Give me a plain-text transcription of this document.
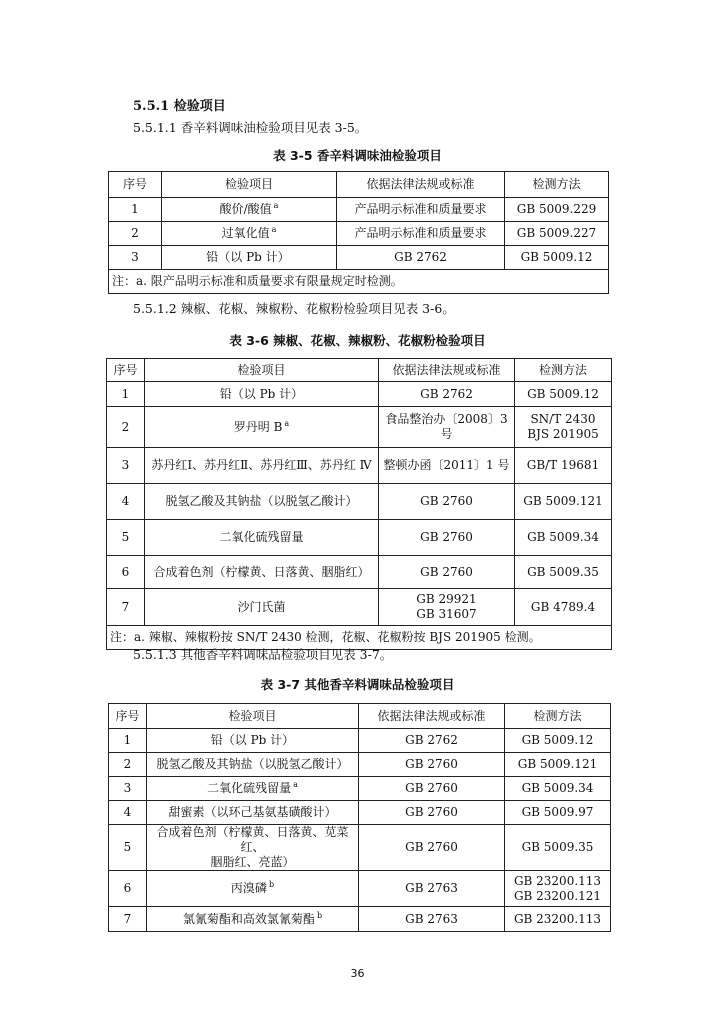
5.5.1 检验项目
5.5.1.1 香辛料调味油检验项目见表 3-5。
表 3-5 香辛料调味油检验项目
序号	检验项目	依据法律法规或标准	检测方法
1	酸价/酸值 $^a$	产品明示标准和质量要求	GB 5009.229
2	过氧化值 $^a$	产品明示标准和质量要求	GB 5009.227
3	铅（以 Pb 计）	GB 2762	GB 5009.12
注：a. 限产品明示标准和质量要求有限量规定时检测。			
5.5.1.2 辣椒、花椒、辣椒粉、花椒粉检验项目见表 3-6。
表 3-6 辣椒、花椒、辣椒粉、花椒粉检验项目
序号	检验项目	依据法律法规或标准	检测方法
1	铅（以 Pb 计）	GB 2762	GB 5009.12
2	罗丹明 B $^a$	食品整治办〔2008〕3 号	SN/T 2430
BJS 201905

3	苏丹红Ⅰ、苏丹红Ⅱ、苏丹红Ⅲ、苏丹红 Ⅳ	整顿办函〔2011〕1 号	GB/T 19681
4	脱氢乙酸及其钠盐（以脱氢乙酸计）	GB 2760	GB 5009.121
5	二氧化硫残留量	GB 2760	GB 5009.34
6	合成着色剂（柠檬黄、日落黄、胭脂红）	GB 2760	GB 5009.35
7	沙门氏菌	GB 29921
GB 31607	GB 4789.4
注：a. 辣椒、辣椒粉按 SN/T 2430 检测，花椒、花椒粉按 BJS 201905 检测。			
5.5.1.3 其他香辛料调味品检验项目见表 3-7。
表 3-7 其他香辛料调味品检验项目
序号	检验项目	依据法律法规或标准	检测方法
1	铅（以 Pb 计）	GB 2762	GB 5009.12
2	脱氢乙酸及其钠盐（以脱氢乙酸计）	GB 2760	GB 5009.121
3	二氧化硫残留量 $^a$	GB 2760	GB 5009.34
4	甜蜜素（以环己基氨基磺酸计）	GB 2760	GB 5009.97
5	合成着色剂（柠檬黄、日落黄、苋菜红、
胭脂红、亮蓝）	GB 2760	GB 5009.35
6	丙溴磷 $^b$	GB 2763	GB 23200.113
GB 23200.121

7	氯氰菊酯和高效氯氰菊酯 $^b$	GB 2763	GB 23200.113
36
